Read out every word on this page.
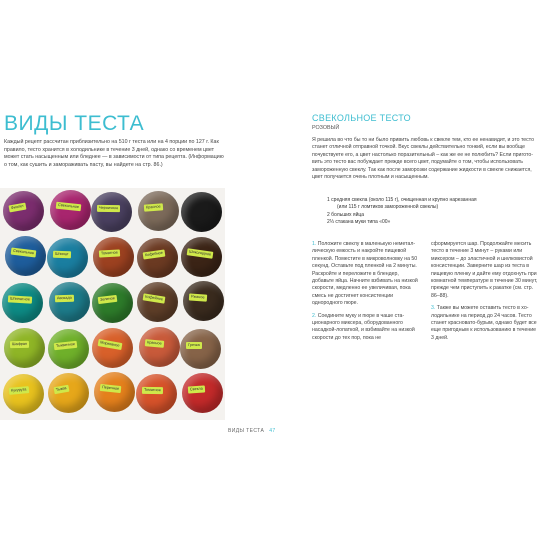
ВИДЫ ТЕСТА
Каждый рецепт рассчитан приблизительно на 510 г теста или на 4 порции по 127 г. Как правило, тесто хранится в холодильнике в течение 3 дней, однако со временем цвет может стать насыщенным или бледнее — в зависимости от типа рецепта. (Информацию о том, как сушить и замораживать пасту, вы найдете на стр. 86.)
Фиолет	Свекольное	Черничное	Красное
Свекольное	Шпинат	Томатное	Кофейное	Шоколадное
Шпинатное	Авокадо	Зеленое	Кофейное	Ржаное
Шафран	Тыквенное	Морковное	Красное	Гречка
Кукуруза	Тыква	Перечное	Томатное	Свекла
СВЕКОЛЬНОЕ ТЕСТО
РОЗОВЫЙ
Я решила во что бы то ни было привить любовь к свекле тем, кто ее ненавидит, и это тесто станет отличной отправной точкой. Вкус свеклы действительно тонкий, если вы вообще почувствуете его, а цвет настолько поразительный – как же ее не полюбить? Если приготовить это тесто вас побуждает прежде всего цвет, подумайте о том, чтобы использовать замороженную свеклу. Так как после заморозки содержание жидкости в свекле снижается, цвет получается очень плотным и насыщенным.
1 средняя свекла (около 115 г), очищенная и крупно нарезанная
(или 115 г ломтиков замороженной свеклы)
2 больших яйца
2⅓ стакана муки типа «00»
1. Положите свеклу в маленькую неметаллическую емкость и накройте пищевой пленкой. Поместите в микроволновку на 50 секунд. Оставьте под пленкой на 2 минуты. Раскройте и переложите в блендер, добавьте яйца. Начните взбивать на низкой скорости, медленно ее увеличивая, пока смесь не достигнет консистенции однородного пюре.
2. Соедините муку и пюре в чаше стационарного миксера, оборудованного насадкой-лопаткой, и взбивайте на низкой скорости до тех пор, пока не
сформируется шар. Продолжайте месить тесто в течение 3 минут – руками или миксером – до эластичной и шелковистой консистенции. Заверните шар из теста в пищевую пленку и дайте ему отдохнуть при комнатной температуре в течение 30 минут, прежде чем приступить к ракатке (см. стр. 86–88).
3. Также вы можете оставить тесто в холодильнике на период до 24 часов. Тесто станет красновато-бурым, однако будет все еще пригодным к использованию в течение 3 дней.
ВИДЫ ТЕСТА 47
